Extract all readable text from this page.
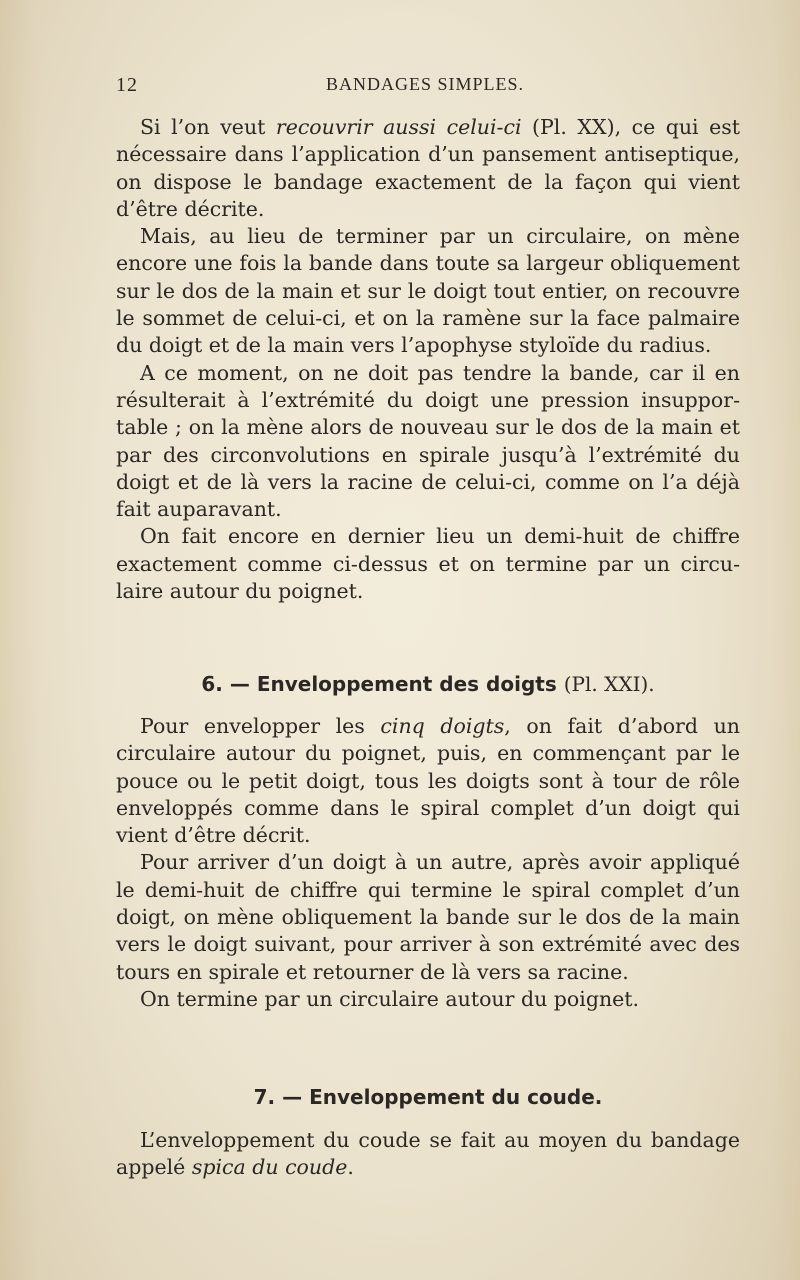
12	BANDAGES SIMPLES.

Si l’on veut recouvrir aussi celui-ci (Pl. XX), ce qui est nécessaire dans l’application d’un pansement antiseptique, on dispose le bandage exactement de la façon qui vient d’être décrite.

Mais, au lieu de terminer par un circulaire, on mène encore une fois la bande dans toute sa largeur obliquement sur le dos de la main et sur le doigt tout entier, on recouvre le sommet de celui-ci, et on la ramène sur la face palmaire du doigt et de la main vers l’apophyse styloïde du radius.

A ce moment, on ne doit pas tendre la bande, car il en résulterait à l’extrémité du doigt une pression insupportable ; on la mène alors de nouveau sur le dos de la main et par des circonvolutions en spirale jusqu’à l’extrémité du doigt et de là vers la racine de celui-ci, comme on l’a déjà fait auparavant.

On fait encore en dernier lieu un demi-huit de chiffre exactement comme ci-dessus et on termine par un circulaire autour du poignet.

6. — Enveloppement des doigts (Pl. XXI).

Pour envelopper les cinq doigts, on fait d’abord un circulaire autour du poignet, puis, en commençant par le pouce ou le petit doigt, tous les doigts sont à tour de rôle enveloppés comme dans le spiral complet d’un doigt qui vient d’être décrit.

Pour arriver d’un doigt à un autre, après avoir appliqué le demi-huit de chiffre qui termine le spiral complet d’un doigt, on mène obliquement la bande sur le dos de la main vers le doigt suivant, pour arriver à son extrémité avec des tours en spirale et retourner de là vers sa racine.

On termine par un circulaire autour du poignet.

7. — Enveloppement du coude.

L’enveloppement du coude se fait au moyen du bandage appelé spica du coude.
